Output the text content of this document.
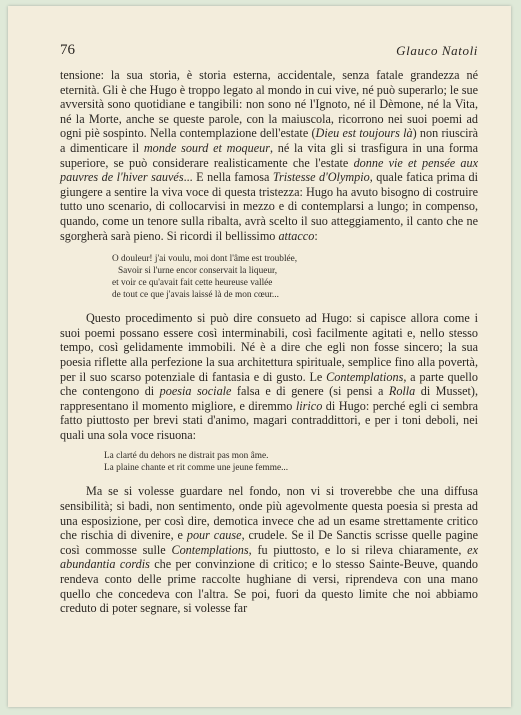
76	Glauco Natoli

tensione: la sua storia, è storia esterna, accidentale, senza fatale grandezza né eternità. Gli è che Hugo è troppo legato al mondo in cui vive, né può superarlo; le sue avversità sono quotidiane e tangibili: non sono né l'Ignoto, né il Dèmone, né la Vita, né la Morte, anche se queste parole, con la maiuscola, ricorrono nei suoi poemi ad ogni piè sospinto. Nella contemplazione dell'estate (Dieu est toujours là) non riuscirà a dimenticare il monde sourd et moqueur, né la vita gli si trasfigura in una forma superiore, se può considerare realisticamente che l'estate donne vie et pensée aux pauvres de l'hiver sauvés... E nella famosa Tristesse d'Olympio, quale fatica prima di giungere a sentire la viva voce di questa tristezza: Hugo ha avuto bisogno di costruire tutto uno scenario, di collocarvisi in mezzo e di contemplarsi a lungo; in compenso, quando, come un tenore sulla ribalta, avrà scelto il suo atteggiamento, il canto che ne sgorgherà sarà pieno. Si ricordi il bellissimo attacco:

O douleur! j'ai voulu, moi dont l'âme est troublée,
Savoir si l'urne encor conservait la liqueur,
et voir ce qu'avait fait cette heureuse vallée
de tout ce que j'avais laissé là de mon cœur...

Questo procedimento si può dire consueto ad Hugo: si capisce allora come i suoi poemi possano essere così interminabili, così facilmente agitati e, nello stesso tempo, così gelidamente immobili. Né è a dire che egli non fosse sincero; la sua poesia riflette alla perfezione la sua architettura spirituale, semplice fino alla povertà, per il suo scarso potenziale di fantasia e di gusto. Le Contemplations, a parte quello che contengono di poesia sociale falsa e di genere (si pensi a Rolla di Musset), rappresentano il momento migliore, e diremmo lirico di Hugo: perché egli ci sembra fatto piuttosto per brevi stati d'animo, magari contraddittori, e per i toni deboli, nei quali una sola voce risuona:

La clarté du dehors ne distrait pas mon âme.
La plaine chante et rit comme une jeune femme...

Ma se si volesse guardare nel fondo, non vi si troverebbe che una diffusa sensibilità; si badi, non sentimento, onde più agevolmente questa poesia si presta ad una esposizione, per così dire, demotica invece che ad un esame strettamente critico che rischia di divenire, e pour cause, crudele. Se il De Sanctis scrisse quelle pagine così commosse sulle Contemplations, fu piuttosto, e lo si rileva chiaramente, ex abundantia cordis che per convinzione di critico; e lo stesso Sainte-Beuve, quando rendeva conto delle prime raccolte hughiane di versi, riprendeva con una mano quello che concedeva con l'altra. Se poi, fuori da questo limite che noi abbiamo creduto di poter segnare, si volesse far
